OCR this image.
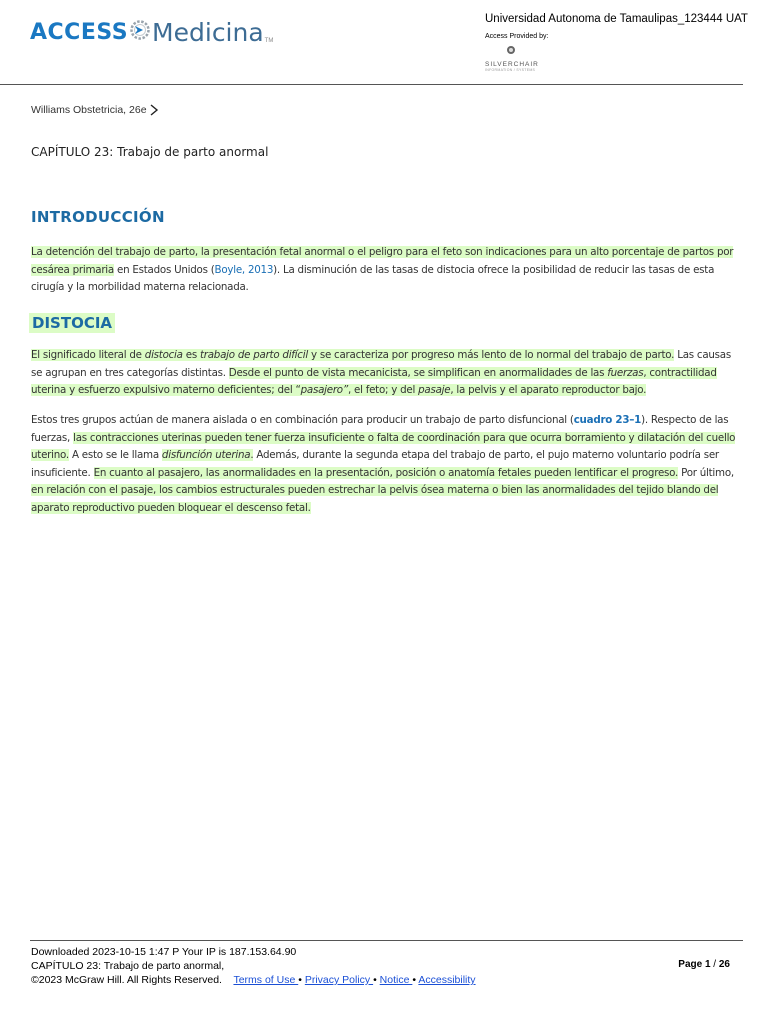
ACCESS Medicina TM
Universidad Autonoma de Tamaulipas_123444 UAT
Access Provided by:
SILVERCHAIR
INFORMATION / SYSTEMS
Williams Obstetricia, 26e
CAPÍTULO 23: Trabajo de parto anormal
INTRODUCCIÓN
La detención del trabajo de parto, la presentación fetal anormal o el peligro para el feto son indicaciones para un alto porcentaje de partos por cesárea primaria en Estados Unidos (Boyle, 2013). La disminución de las tasas de distocia ofrece la posibilidad de reducir las tasas de esta cirugía y la morbilidad materna relacionada.
DISTOCIA
El significado literal de distocia es trabajo de parto difícil y se caracteriza por progreso más lento de lo normal del trabajo de parto. Las causas se agrupan en tres categorías distintas. Desde el punto de vista mecanicista, se simplifican en anormalidades de las fuerzas, contractilidad uterina y esfuerzo expulsivo materno deficientes; del “pasajero”, el feto; y del pasaje, la pelvis y el aparato reproductor bajo.
Estos tres grupos actúan de manera aislada o en combinación para producir un trabajo de parto disfuncional (cuadro 23–1). Respecto de las fuerzas, las contracciones uterinas pueden tener fuerza insuficiente o falta de coordinación para que ocurra borramiento y dilatación del cuello uterino. A esto se le llama disfunción uterina. Además, durante la segunda etapa del trabajo de parto, el pujo materno voluntario podría ser insuficiente. En cuanto al pasajero, las anormalidades en la presentación, posición o anatomía fetales pueden lentificar el progreso. Por último, en relación con el pasaje, los cambios estructurales pueden estrechar la pelvis ósea materna o bien las anormalidades del tejido blando del aparato reproductivo pueden bloquear el descenso fetal.
Downloaded 2023-10-15 1:47 P Your IP is 187.153.64.90
CAPÍTULO 23: Trabajo de parto anormal,
©2023 McGraw Hill. All Rights Reserved. Terms of Use • Privacy Policy • Notice • Accessibility
Page 1 / 26
